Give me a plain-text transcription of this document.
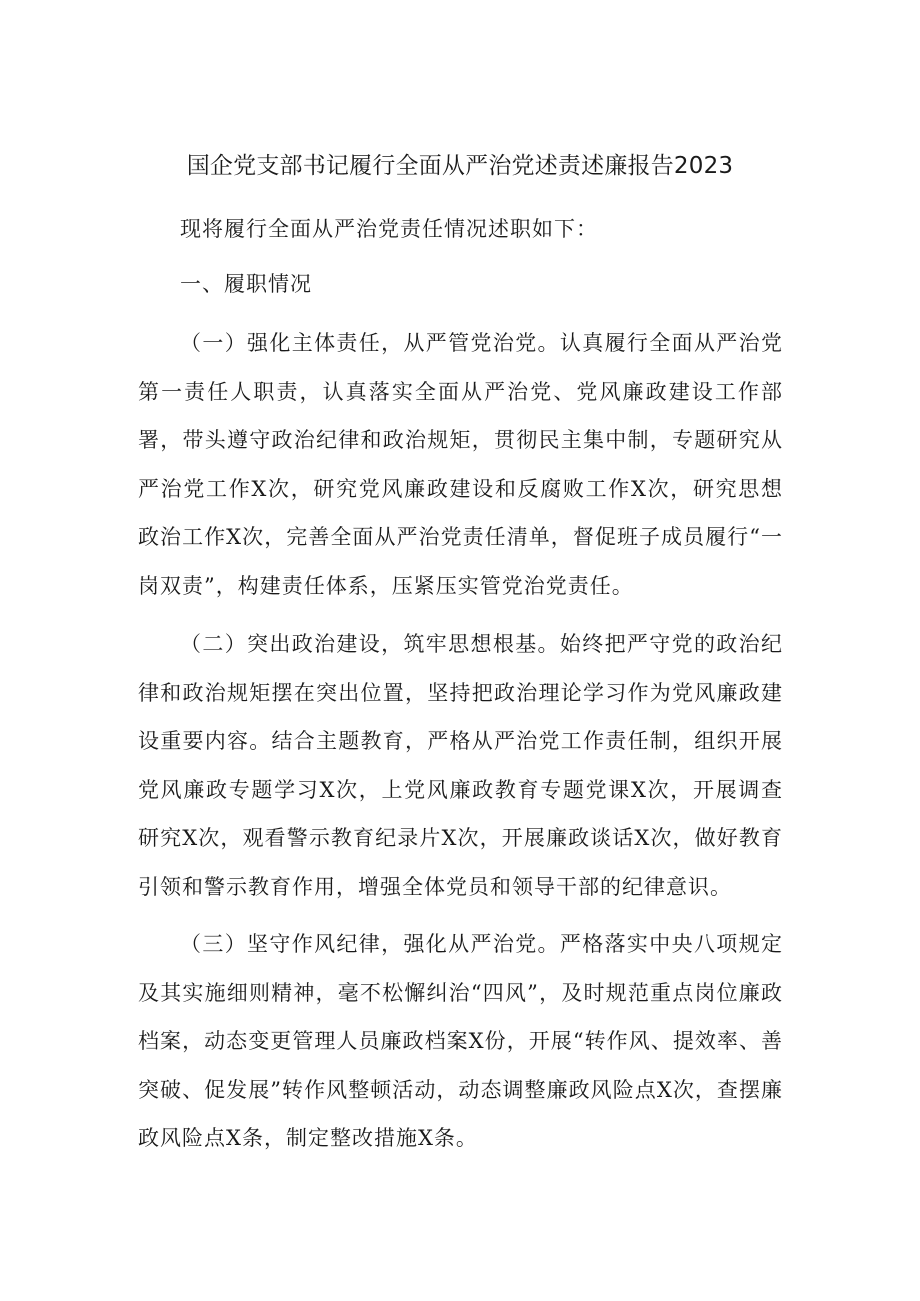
国企党支部书记履行全面从严治党述责述廉报告2023

现将履行全面从严治党责任情况述职如下：

一、履职情况

（一）强化主体责任，从严管党治党。认真履行全面从严治党第一责任人职责，认真落实全面从严治党、党风廉政建设工作部署，带头遵守政治纪律和政治规矩，贯彻民主集中制，专题研究从严治党工作X次，研究党风廉政建设和反腐败工作X次，研究思想政治工作X次，完善全面从严治党责任清单，督促班子成员履行“一岗双责”，构建责任体系，压紧压实管党治党责任。

（二）突出政治建设，筑牢思想根基。始终把严守党的政治纪律和政治规矩摆在突出位置，坚持把政治理论学习作为党风廉政建设重要内容。结合主题教育，严格从严治党工作责任制，组织开展党风廉政专题学习X次，上党风廉政教育专题党课X次，开展调查研究X次，观看警示教育纪录片X次，开展廉政谈话X次，做好教育引领和警示教育作用，增强全体党员和领导干部的纪律意识。

（三）坚守作风纪律，强化从严治党。严格落实中央八项规定及其实施细则精神，毫不松懈纠治“四风”，及时规范重点岗位廉政档案，动态变更管理人员廉政档案X份，开展“转作风、提效率、善突破、促发展”转作风整顿活动，动态调整廉政风险点X次，查摆廉政风险点X条，制定整改措施X条。
